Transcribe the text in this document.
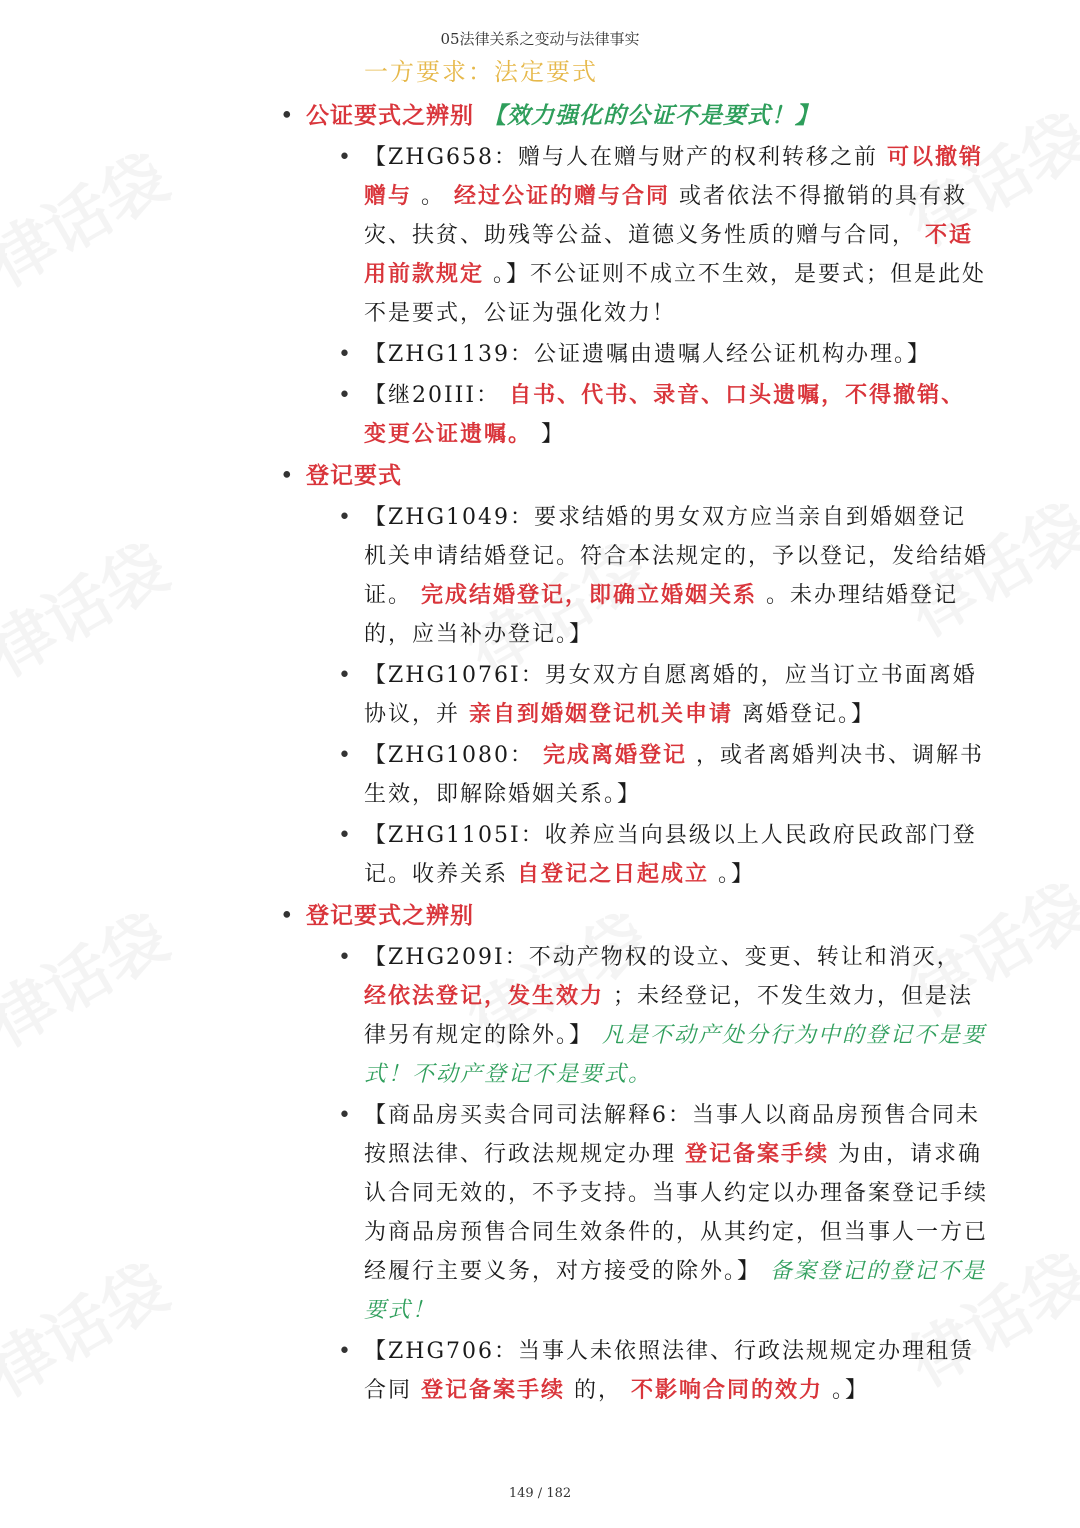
05法律关系之变动与法律事实
一方要求：法定要式
• 公证要式之辨别 【效力强化的公证不是要式！】
• 【ZHG658：赠与人在赠与财产的权利转移之前 可以撤销赠与 。 经过公证的赠与合同 或者依法不得撤销的具有救灾、扶贫、助残等公益、道德义务性质的赠与合同， 不适用前款规定 。】不公证则不成立不生效，是要式；但是此处不是要式，公证为强化效力！
• 【ZHG1139：公证遗嘱由遗嘱人经公证机构办理。】
• 【继20III： 自书、代书、录音、口头遗嘱，不得撤销、变更公证遗嘱。 】
• 登记要式
• 【ZHG1049：要求结婚的男女双方应当亲自到婚姻登记机关申请结婚登记。符合本法规定的，予以登记，发给结婚证。 完成结婚登记，即确立婚姻关系 。未办理结婚登记的，应当补办登记。】
• 【ZHG1076I：男女双方自愿离婚的，应当订立书面离婚协议，并 亲自到婚姻登记机关申请 离婚登记。】
• 【ZHG1080： 完成离婚登记 ，或者离婚判决书、调解书生效，即解除婚姻关系。】
• 【ZHG1105I：收养应当向县级以上人民政府民政部门登记。收养关系 自登记之日起成立 。】
• 登记要式之辨别
• 【ZHG209I：不动产物权的设立、变更、转让和消灭， 经依法登记，发生效力 ；未经登记，不发生效力，但是法律另有规定的除外。】 凡是不动产处分行为中的登记不是要式！不动产登记不是要式。
• 【商品房买卖合同司法解释6：当事人以商品房预售合同未按照法律、行政法规规定办理 登记备案手续 为由，请求确认合同无效的，不予支持。当事人约定以办理备案登记手续为商品房预售合同生效条件的，从其约定，但当事人一方已经履行主要义务，对方接受的除外。】 备案登记的登记不是要式！
• 【ZHG706：当事人未依照法律、行政法规规定办理租赁合同 登记备案手续 的， 不影响合同的效力 。】
149 / 182
